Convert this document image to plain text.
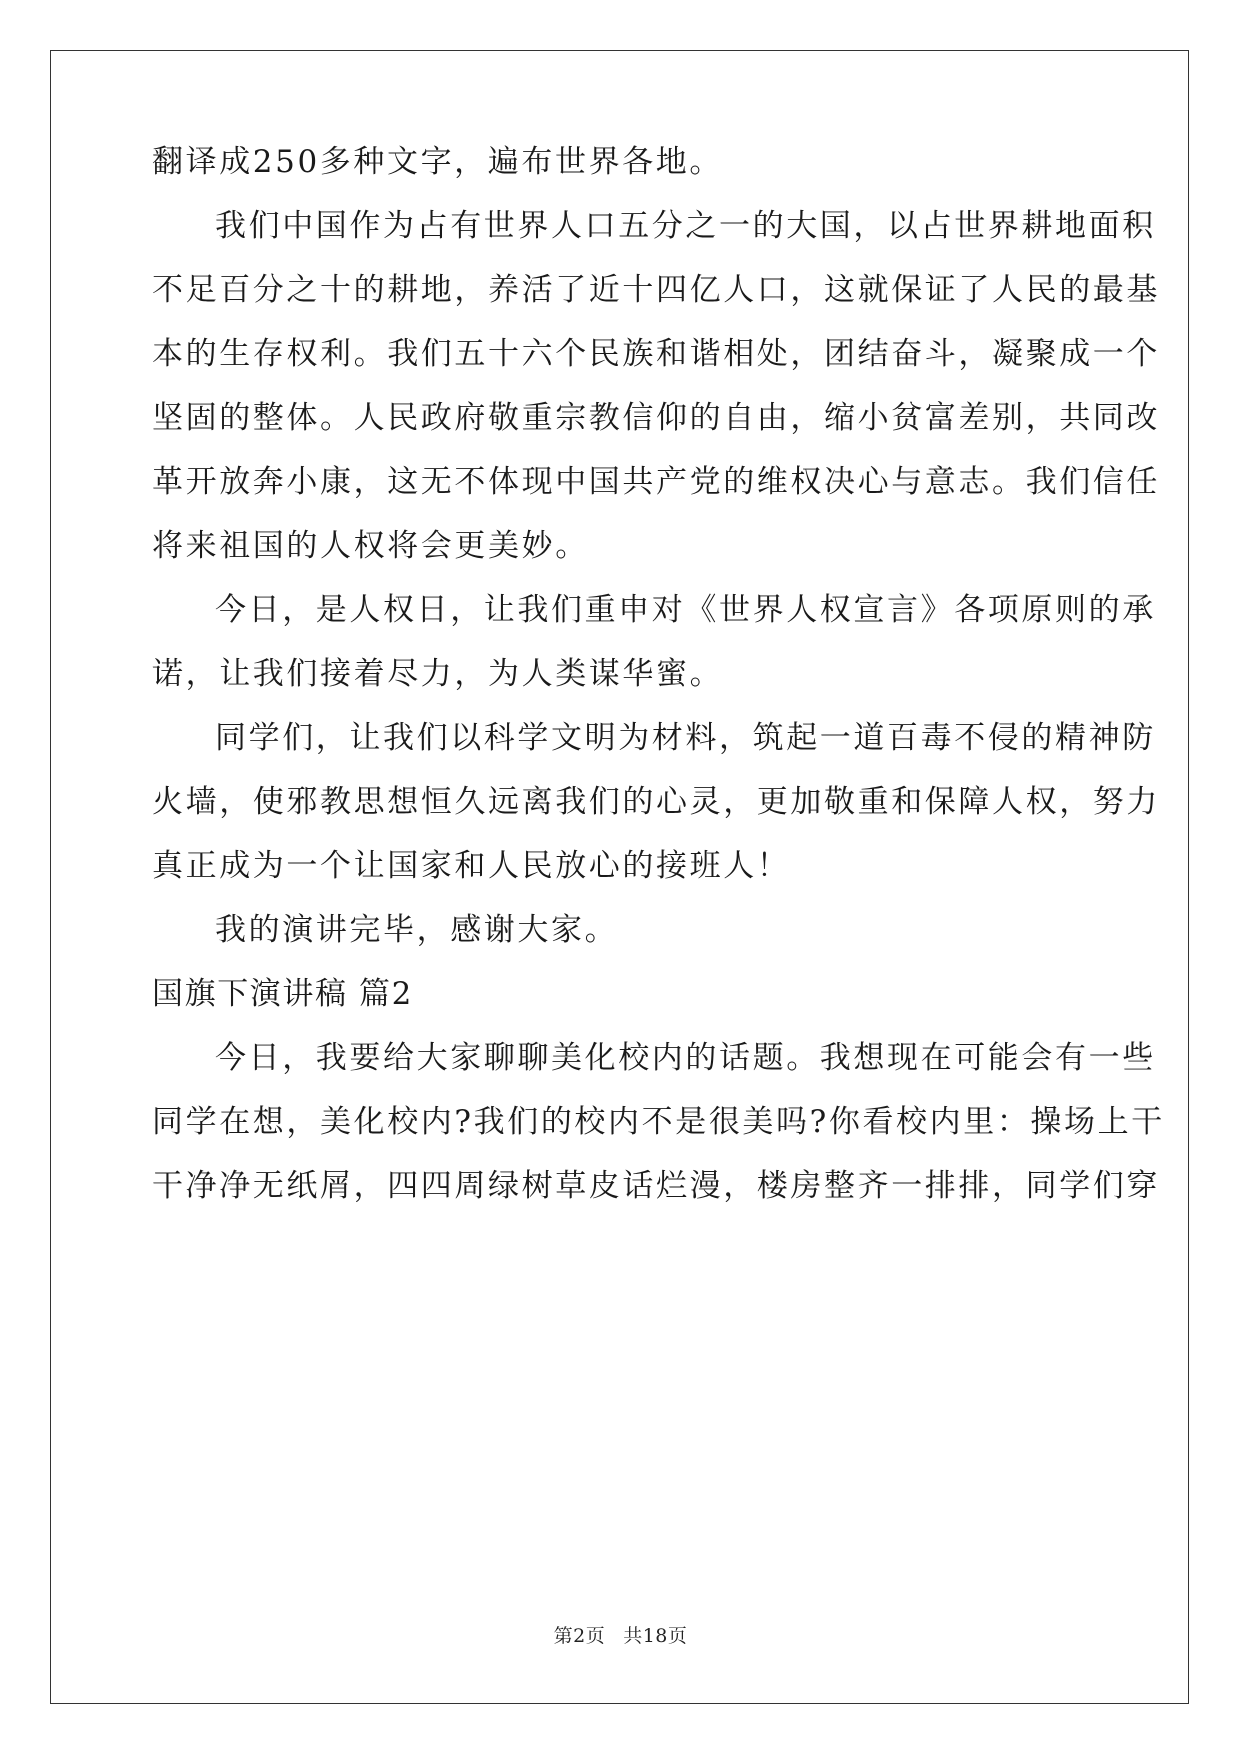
翻译成250多种文字，遍布世界各地。
我们中国作为占有世界人口五分之一的大国，以占世界耕地面积
不足百分之十的耕地，养活了近十四亿人口，这就保证了人民的最基
本的生存权利。我们五十六个民族和谐相处，团结奋斗，凝聚成一个
坚固的整体。人民政府敬重宗教信仰的自由，缩小贫富差别，共同改
革开放奔小康，这无不体现中国共产党的维权决心与意志。我们信任
将来祖国的人权将会更美妙。
今日，是人权日，让我们重申对《世界人权宣言》各项原则的承
诺，让我们接着尽力，为人类谋华蜜。
同学们，让我们以科学文明为材料，筑起一道百毒不侵的精神防
火墙，使邪教思想恒久远离我们的心灵，更加敬重和保障人权，努力
真正成为一个让国家和人民放心的接班人！
我的演讲完毕，感谢大家。
国旗下演讲稿 篇2
今日，我要给大家聊聊美化校内的话题。我想现在可能会有一些
同学在想，美化校内?我们的校内不是很美吗?你看校内里：操场上干
干净净无纸屑，四四周绿树草皮话烂漫，楼房整齐一排排，同学们穿
第2页 共18页
